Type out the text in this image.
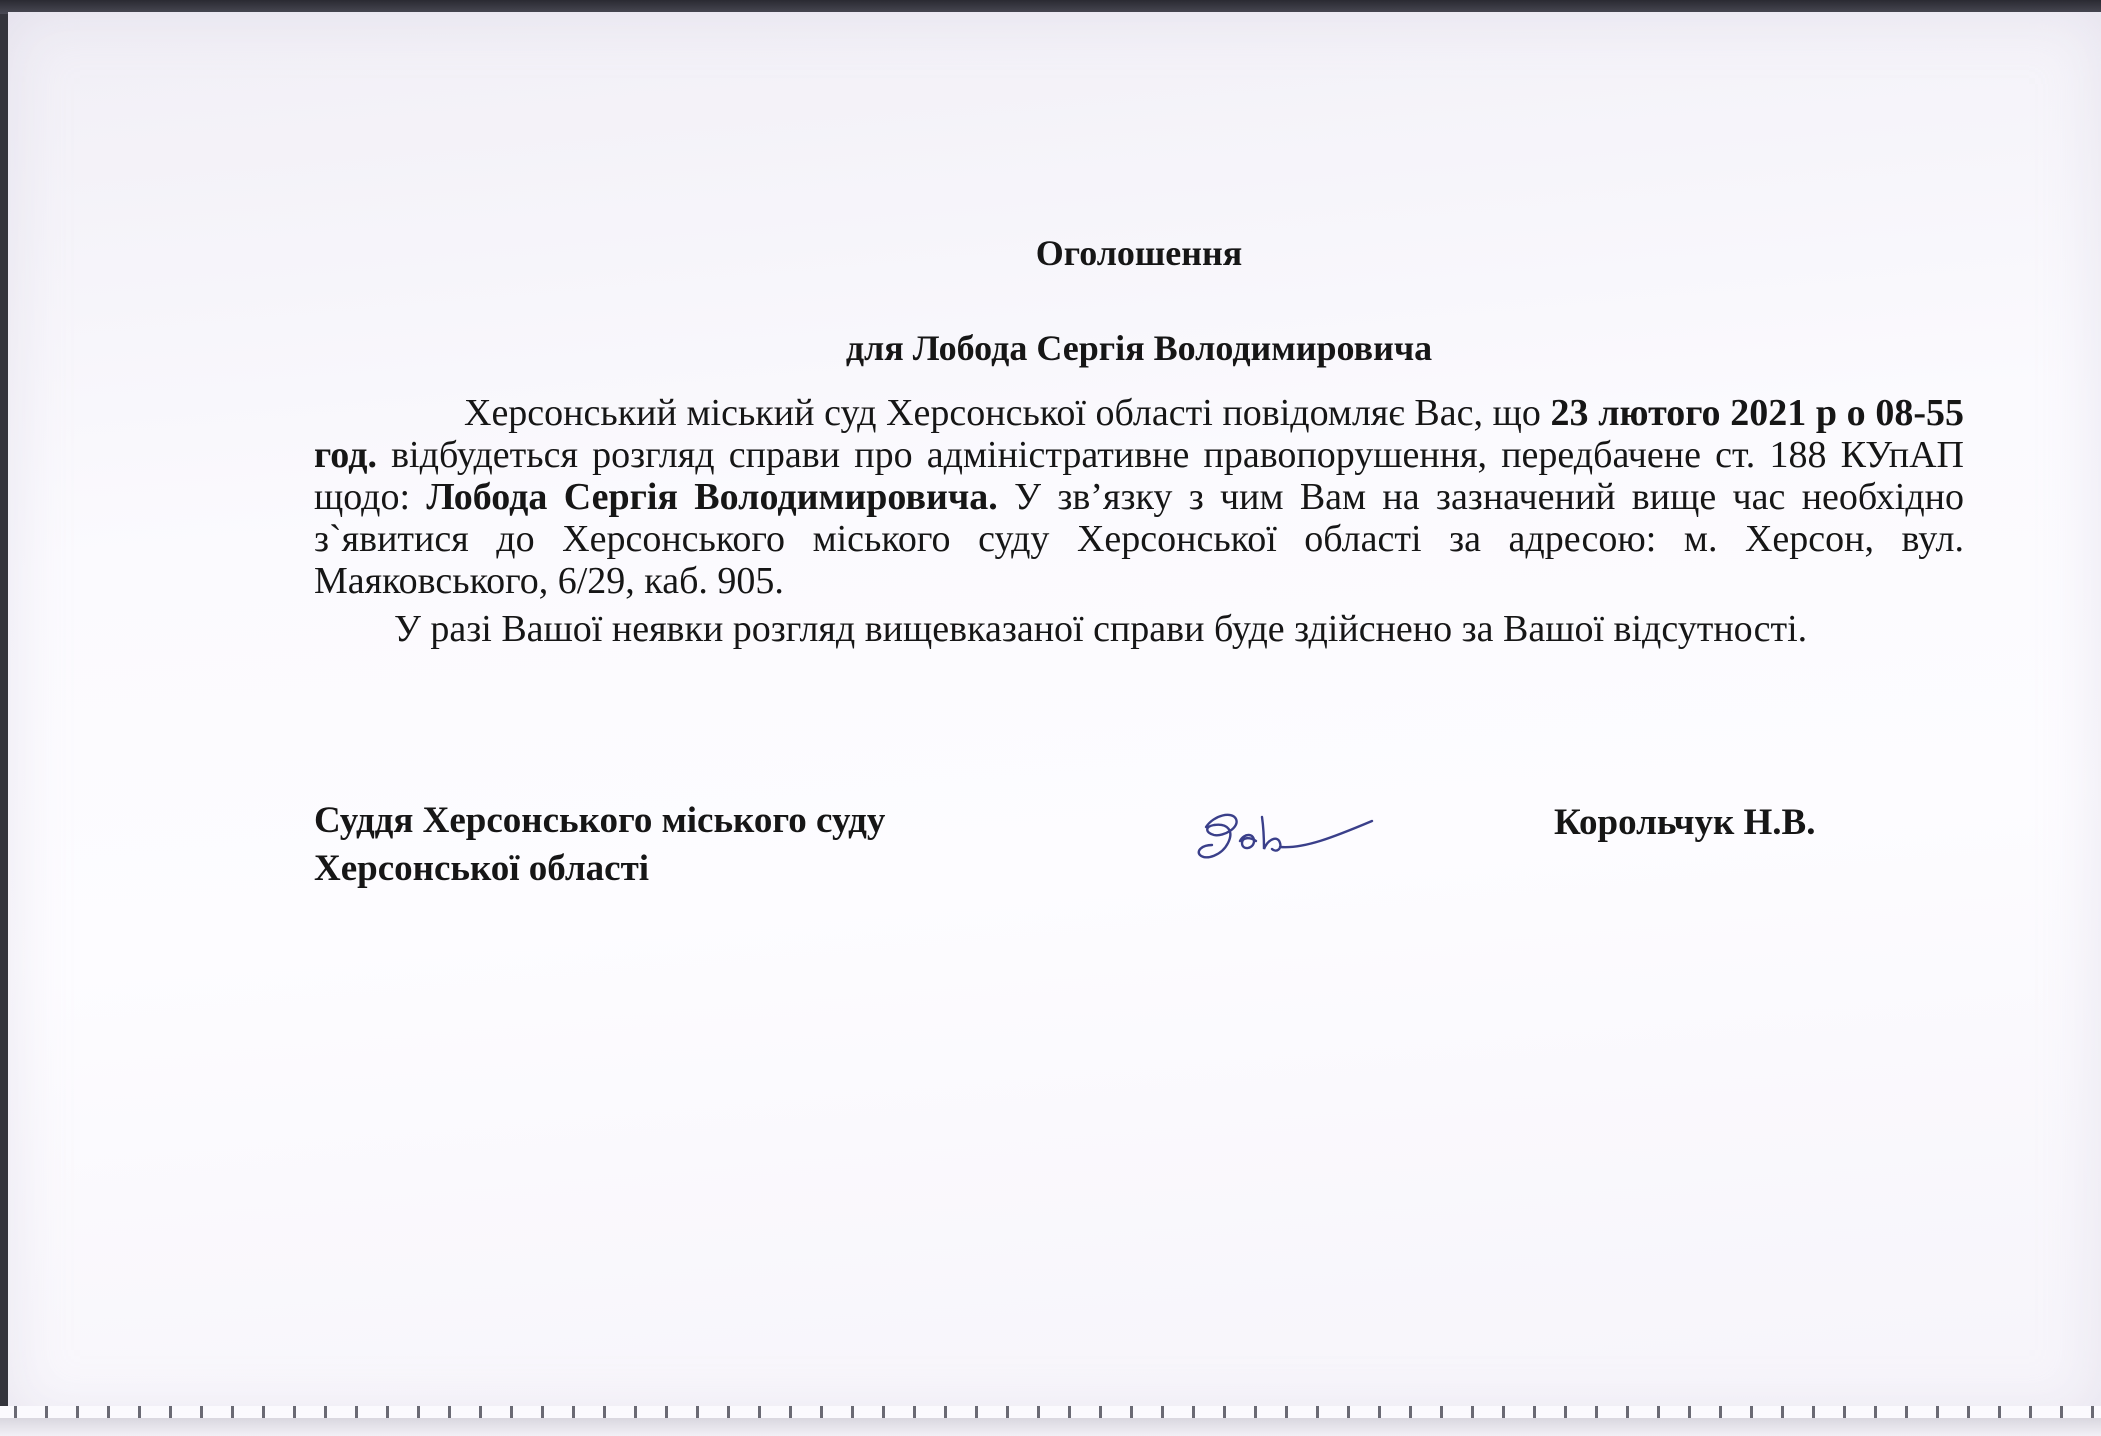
Оголошення
для Лобода Сергія Володимировича

Херсонський міський суд Херсонської області повідомляє Вас, що 23 лютого 2021 р о 08-55 год. відбудеться розгляд справи про адміністративне правопорушення, передбачене ст. 188 КУпАП щодо: Лобода Сергія Володимировича. У зв’язку з чим Вам на зазначений вище час необхідно з`явитися до Херсонського міського суду Херсонської області за адресою: м. Херсон, вул. Маяковського, 6/29, каб. 905.

У разі Вашої неявки розгляд вищевказаної справи буде здійснено за Вашої відсутності.

Суддя Херсонського міського суду
Херсонської області
Корольчук Н.В.
